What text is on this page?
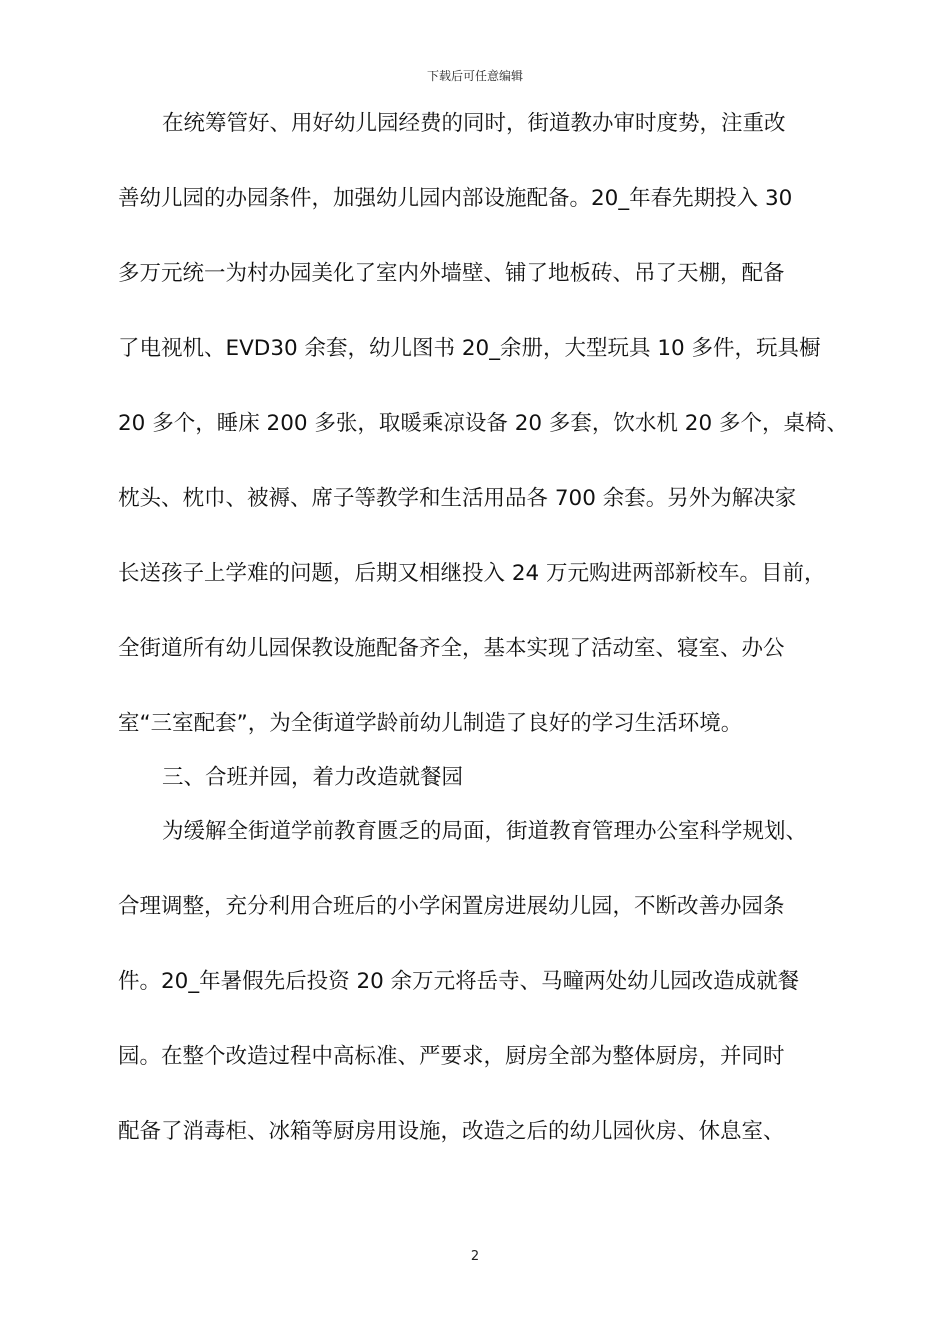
下载后可任意编辑
在统筹管好、用好幼儿园经费的同时，街道教办审时度势，注重改
善幼儿园的办园条件，加强幼儿园内部设施配备。20_年春先期投入 30
多万元统一为村办园美化了室内外墙壁、铺了地板砖、吊了天棚，配备
了电视机、EVD30 余套，幼儿图书 20_余册，大型玩具 10 多件，玩具橱
20 多个，睡床 200 多张，取暖乘凉设备 20 多套，饮水机 20 多个，桌椅、
枕头、枕巾、被褥、席子等教学和生活用品各 700 余套。另外为解决家
长送孩子上学难的问题，后期又相继投入 24 万元购进两部新校车。目前，
全街道所有幼儿园保教设施配备齐全，基本实现了活动室、寝室、办公
室“三室配套”，为全街道学龄前幼儿制造了良好的学习生活环境。
三、合班并园，着力改造就餐园
为缓解全街道学前教育匮乏的局面，街道教育管理办公室科学规划、
合理调整，充分利用合班后的小学闲置房进展幼儿园，不断改善办园条
件。20_年暑假先后投资 20 余万元将岳寺、马疃两处幼儿园改造成就餐
园。在整个改造过程中高标准、严要求，厨房全部为整体厨房，并同时
配备了消毒柜、冰箱等厨房用设施，改造之后的幼儿园伙房、休息室、
2
